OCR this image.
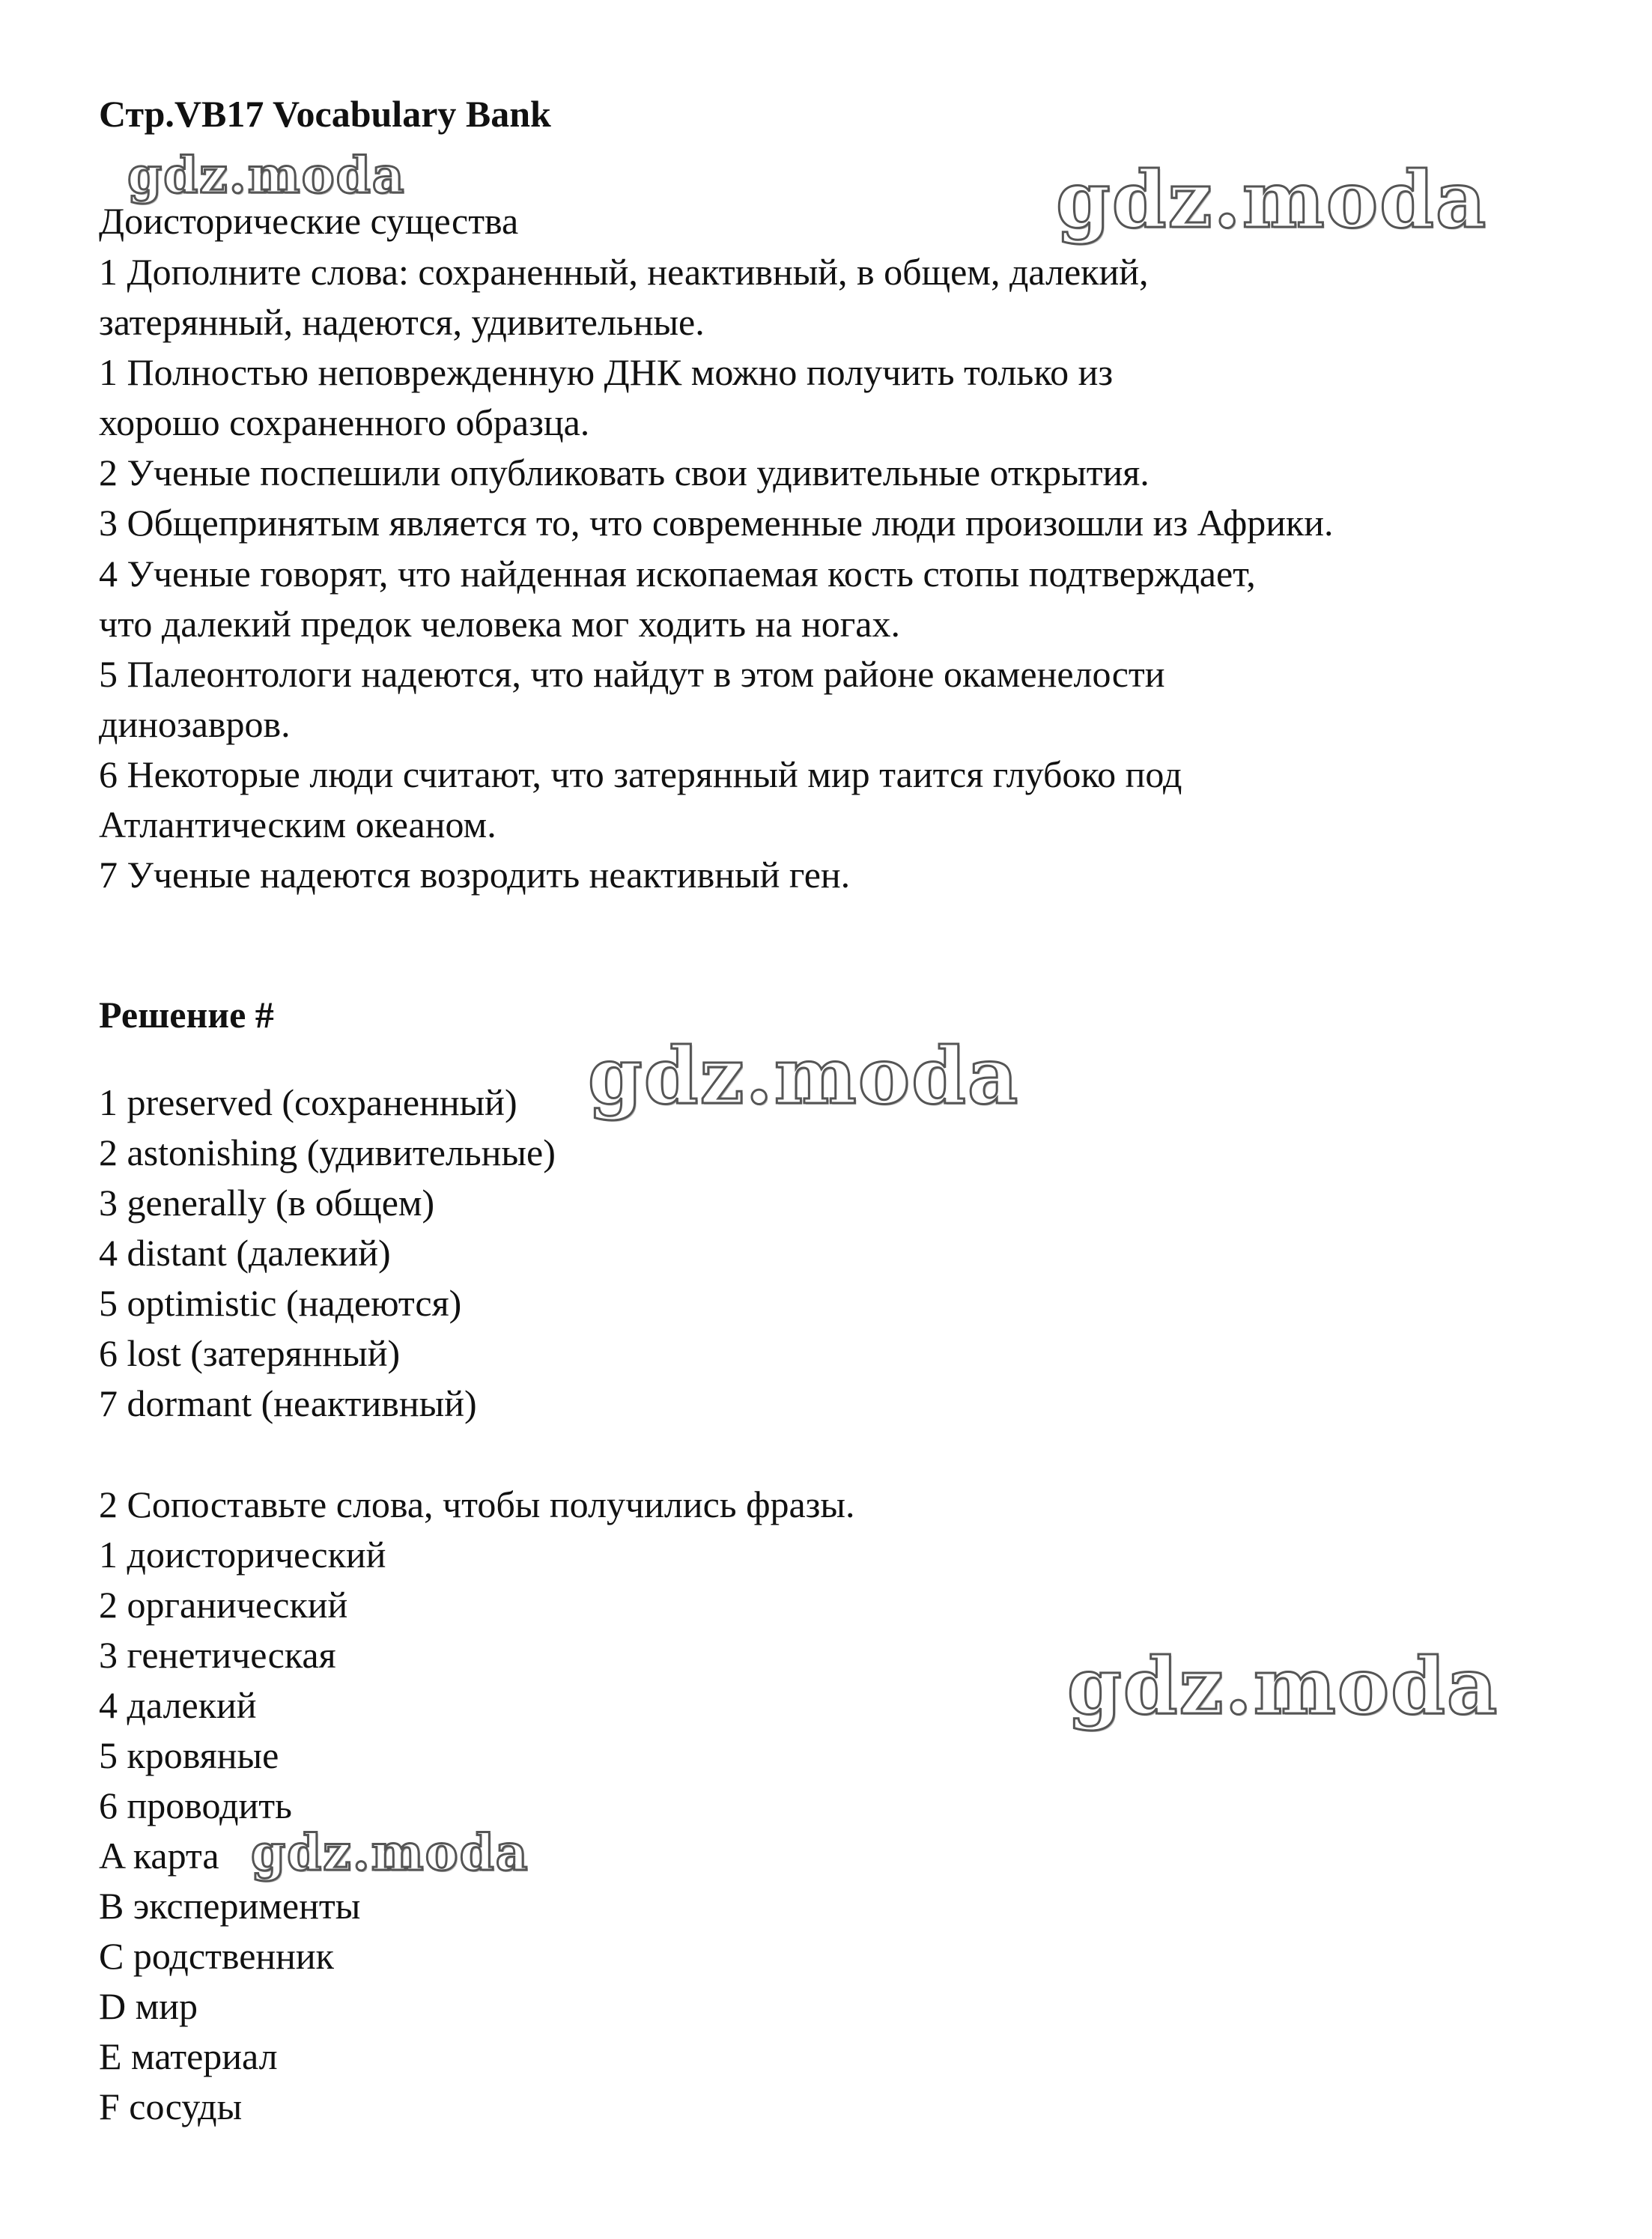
Стр.VB17 Vocabulary Bank
Доисторические существа
1 Дополните слова: сохраненный, неактивный, в общем, далекий,
затерянный, надеются, удивительные.
1 Полностью неповрежденную ДНК можно получить только из
хорошо сохраненного образца.
2 Ученые поспешили опубликовать свои удивительные открытия.
3 Общепринятым является то, что современные люди произошли из Африки.
4 Ученые говорят, что найденная ископаемая кость стопы подтверждает,
что далекий предок человека мог ходить на ногах.
5 Палеонтологи надеются, что найдут в этом районе окаменелости
динозавров.
6 Некоторые люди считают, что затерянный мир таится глубоко под
Атлантическим океаном.
7 Ученые надеются возродить неактивный ген.
Решение #
1 preserved (сохраненный)
2 astonishing (удивительные)
3 generally (в общем)
4 distant (далекий)
5 optimistic (надеются)
6 lost (затерянный)
7 dormant (неактивный)
2 Сопоставьте слова, чтобы получились фразы.
1 доисторический
2 органический
3 генетическая
4 далекий
5 кровяные
6 проводить
A карта
B эксперименты
C родственник
D мир
E материал
F сосуды
gdz.moda	gdz.moda
gdz.moda
gdz.moda
gdz.moda
